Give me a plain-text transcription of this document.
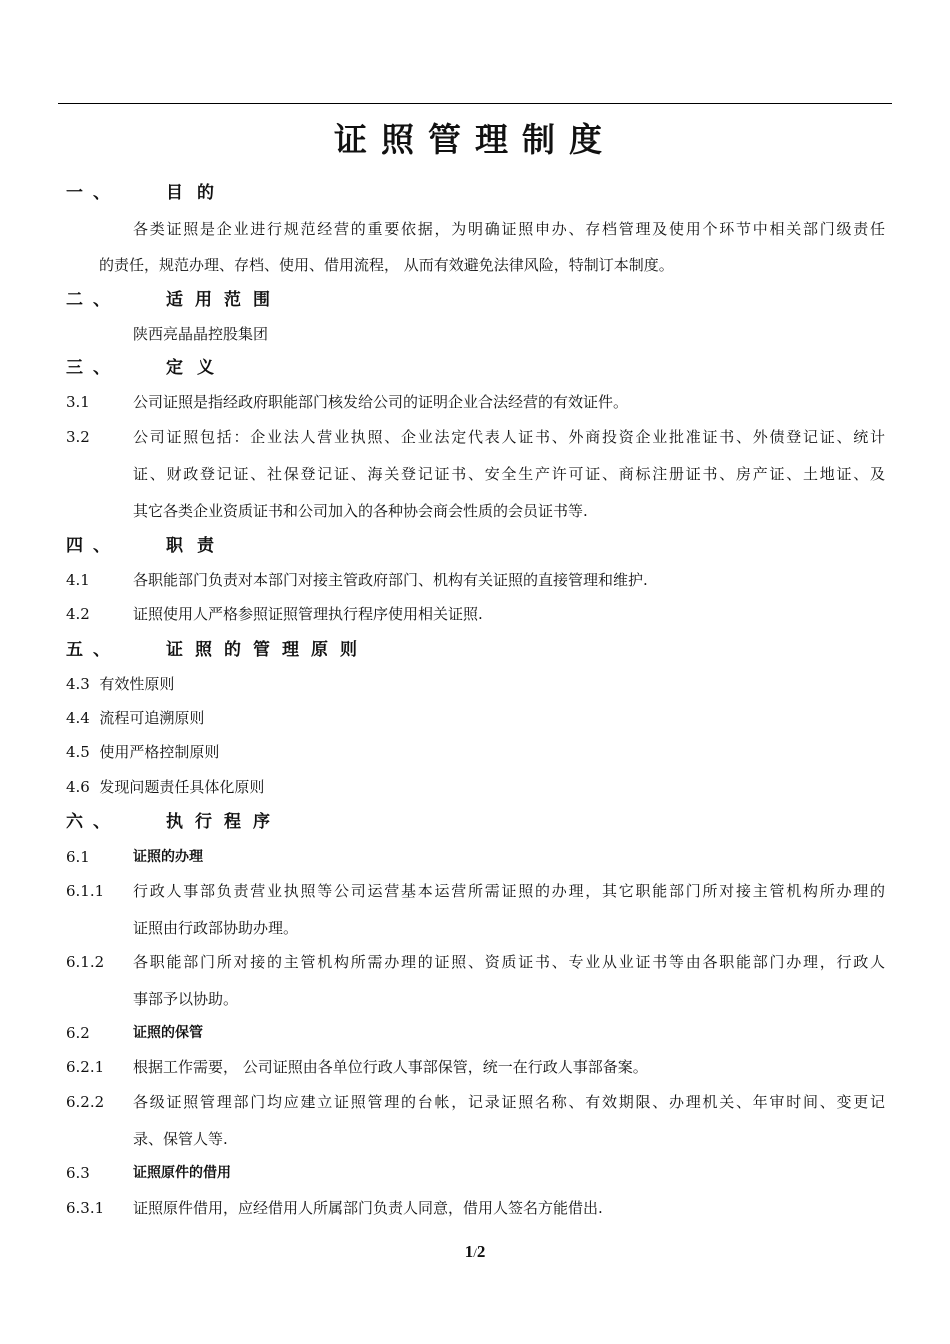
证照管理制度
一、	目的
各类证照是企业进行规范经营的重要依据，为明确证照申办、存档管理及使用个环节中相关部门级责任
的责任，规范办理、存档、使用、借用流程， 从而有效避免法律风险，特制订本制度。
二、	适用范围
陕西亮晶晶控股集团
三、	定义
3.1	公司证照是指经政府职能部门核发给公司的证明企业合法经营的有效证件。
3.2	公司证照包括：企业法人营业执照、企业法定代表人证书、外商投资企业批准证书、外债登记证、统计
证、财政登记证、社保登记证、海关登记证书、安全生产许可证、商标注册证书、房产证、土地证、及
其它各类企业资质证书和公司加入的各种协会商会性质的会员证书等.
四、	职责
4.1	各职能部门负责对本部门对接主管政府部门、机构有关证照的直接管理和维护.
4.2	证照使用人严格参照证照管理执行程序使用相关证照.
五、	证照的管理原则
4.3 有效性原则
4.4 流程可追溯原则
4.5 使用严格控制原则
4.6 发现问题责任具体化原则
六、	执行程序
6.1	证照的办理
6.1.1 行政人事部负责营业执照等公司运营基本运营所需证照的办理，其它职能部门所对接主管机构所办理的
证照由行政部协助办理。
6.1.2 各职能部门所对接的主管机构所需办理的证照、资质证书、专业从业证书等由各职能部门办理，行政人
事部予以协助。
6.2	证照的保管
6.2.1 根据工作需要， 公司证照由各单位行政人事部保管，统一在行政人事部备案。
6.2.2 各级证照管理部门均应建立证照管理的台帐，记录证照名称、有效期限、办理机关、年审时间、变更记
录、保管人等.
6.3	证照原件的借用
6.3.1 证照原件借用，应经借用人所属部门负责人同意，借用人签名方能借出.
1/2
